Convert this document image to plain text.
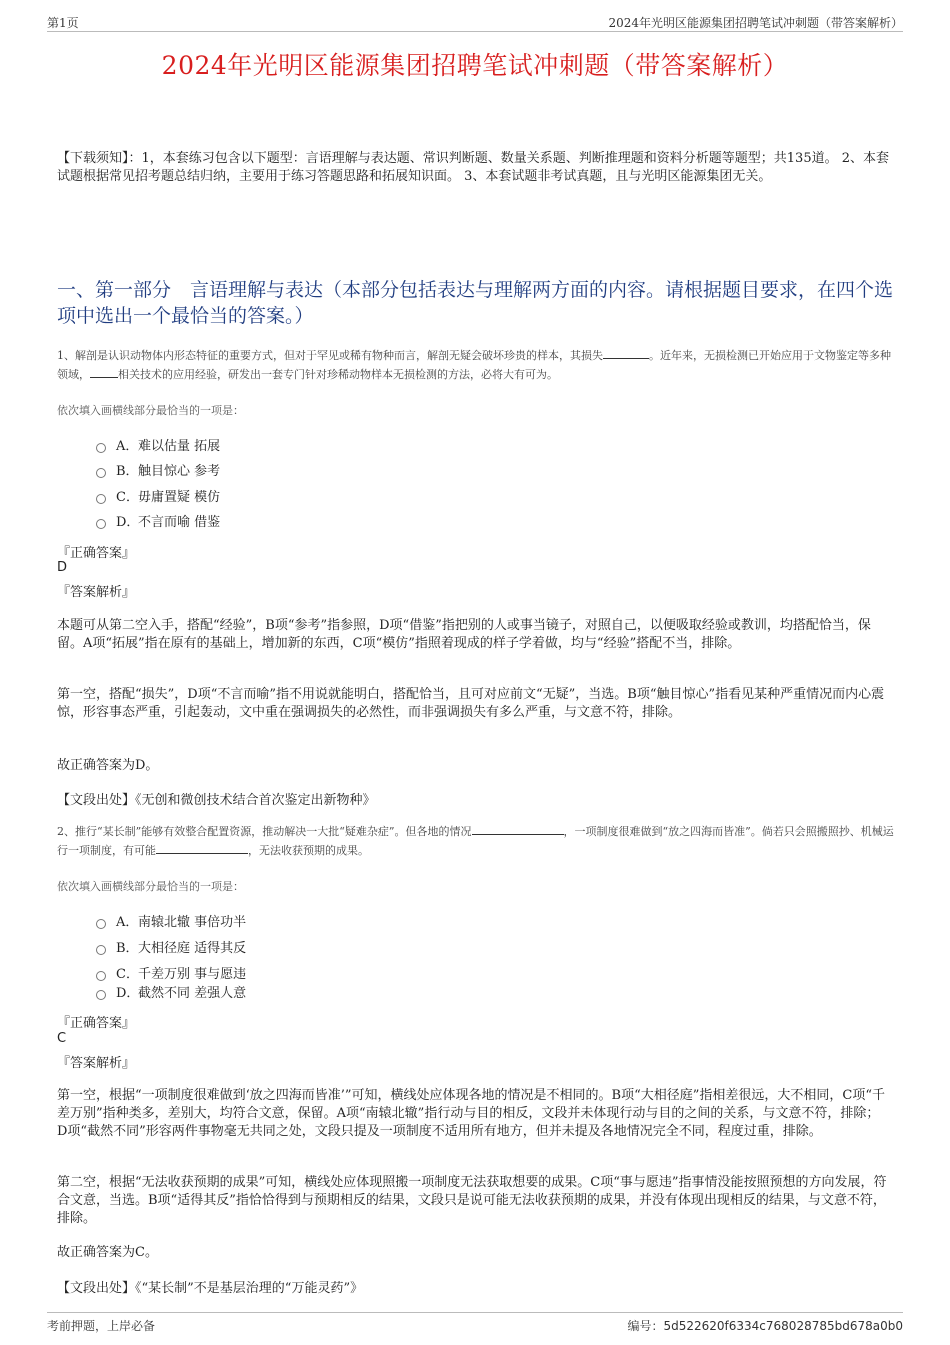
第1页	2024年光明区能源集团招聘笔试冲刺题（带答案解析）
2024年光明区能源集团招聘笔试冲刺题（带答案解析）
【下载须知】：1，本套练习包含以下题型：言语理解与表达题、常识判断题、数量关系题、判断推理题和资料分析题等题型；共135道。 2、本套试题根据常见招考题总结归纳，主要用于练习答题思路和拓展知识面。 3、本套试题非考试真题，且与光明区能源集团无关。
一、第一部分　言语理解与表达（本部分包括表达与理解两方面的内容。请根据题目要求，在四个选项中选出一个最恰当的答案。）
1、解剖是认识动物体内形态特征的重要方式，但对于罕见或稀有物种而言，解剖无疑会破坏珍贵的样本，其损失	。近年来，无损检测已开始应用于文物鉴定等多种领域，	相关技术的应用经验，研发出一套专门针对珍稀动物样本无损检测的方法，必将大有可为。
依次填入画横线部分最恰当的一项是：
A．难以估量 拓展
B．触目惊心 参考
C．毋庸置疑 模仿
D．不言而喻 借鉴
『正确答案』
D
『答案解析』
本题可从第二空入手，搭配“经验”，B项“参考”指参照，D项“借鉴”指把别的人或事当镜子，对照自己，以便吸取经验或教训，均搭配恰当，保留。A项“拓展”指在原有的基础上，增加新的东西，C项“模仿”指照着现成的样子学着做，均与“经验”搭配不当，排除。
第一空，搭配“损失”，D项“不言而喻”指不用说就能明白，搭配恰当，且可对应前文“无疑”，当选。B项“触目惊心”指看见某种严重情况而内心震惊，形容事态严重，引起轰动，文中重在强调损失的必然性，而非强调损失有多么严重，与文意不符，排除。
故正确答案为D。
【文段出处】《无创和微创技术结合首次鉴定出新物种》
2、推行“某长制”能够有效整合配置资源，推动解决一大批“疑难杂症”。但各地的情况	，一项制度很难做到“放之四海而皆准”。倘若只会照搬照抄、机械运行一项制度，有可能	，无法收获预期的成果。
依次填入画横线部分最恰当的一项是：
A．南辕北辙 事倍功半
B．大相径庭 适得其反
C．千差万别 事与愿违
D．截然不同 差强人意
『正确答案』
C
『答案解析』
第一空，根据“一项制度很难做到‘放之四海而皆准’”可知，横线处应体现各地的情况是不相同的。B项“大相径庭”指相差很远，大不相同，C项“千差万别”指种类多，差别大，均符合文意，保留。A项“南辕北辙”指行动与目的相反，文段并未体现行动与目的之间的关系，与文意不符，排除；D项“截然不同”形容两件事物毫无共同之处，文段只提及一项制度不适用所有地方，但并未提及各地情况完全不同，程度过重，排除。
第二空，根据“无法收获预期的成果”可知，横线处应体现照搬一项制度无法获取想要的成果。C项“事与愿违”指事情没能按照预想的方向发展，符合文意，当选。B项“适得其反”指恰恰得到与预期相反的结果，文段只是说可能无法收获预期的成果，并没有体现出现相反的结果，与文意不符，排除。
故正确答案为C。
【文段出处】《“某长制”不是基层治理的“万能灵药”》
考前押题，上岸必备	编号：5d522620f6334c768028785bd678a0b0
